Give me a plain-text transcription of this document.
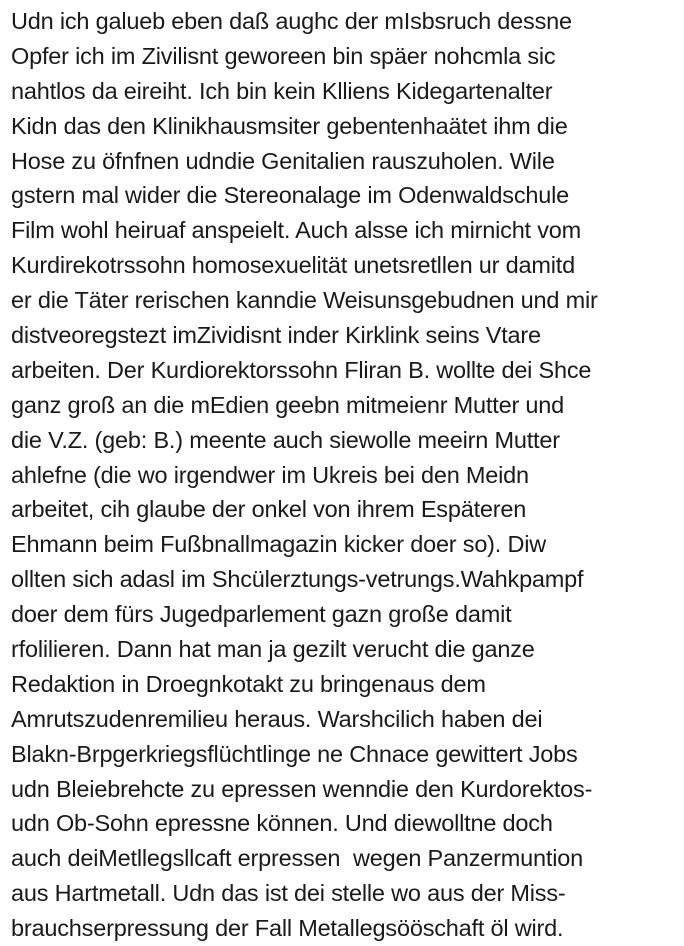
Udn ich galueb eben daß aughc der mIsbsruch dessne
Opfer ich im Zivilisnt geworeen bin späer nohcmla sic
nahtlos da eireiht. Ich bin kein Klliens Kidegartenalter
Kidn das den Klinikhausmsiter gebentenhaätet ihm die
Hose zu öfnfnen udndie Genitalien rauszuholen. Wile
gstern mal wider die Stereonalage im Odenwaldschule
Film wohl heiruaf anspeielt. Auch alsse ich mirnicht vom
Kurdirekotrssohn homosexuelität unetsretllen ur damitd
er die Täter rerischen kanndie Weisunsgebudnen und mir
distveoregstezt imZividisnt inder Kirklink seins Vtare
arbeiten. Der Kurdiorektorssohn Fliran B. wollte dei Shce
ganz groß an die mEdien geebn mitmeienr Mutter und
die V.Z. (geb: B.) meente auch siewolle meeirn Mutter
ahlefne (die wo irgendwer im Ukreis bei den Meidn
arbeitet, cih glaube der onkel von ihrem Espäteren
Ehmann beim Fußbnallmagazin kicker doer so). Diw
ollten sich adasl im Shcülerztungs-vetrungs.Wahkpampf
doer dem fürs Jugedparlement gazn große damit
rfolilieren. Dann hat man ja gezilt veruсht die ganze
Redaktion in Droegnkotakt zu bringenaus dem
Amrutszudenremilieu heraus. Warshcilich haben dei
Blakn-Brpgerkriegsflüchtlinge ne Chnace gewittert Jobs
udn Bleiebrehcte zu epressen wenndie den Kurdorektos-
udn Ob-Sohn epressne können. Und diewolltne doch
auch deiMetllegsllcaft erpressen  wegen Panzermuntion
aus Hartmetall. Udn das ist dei stelle wo aus der Miss-
brauchserpressung der Fall Metallegsööschaft öl wird.
